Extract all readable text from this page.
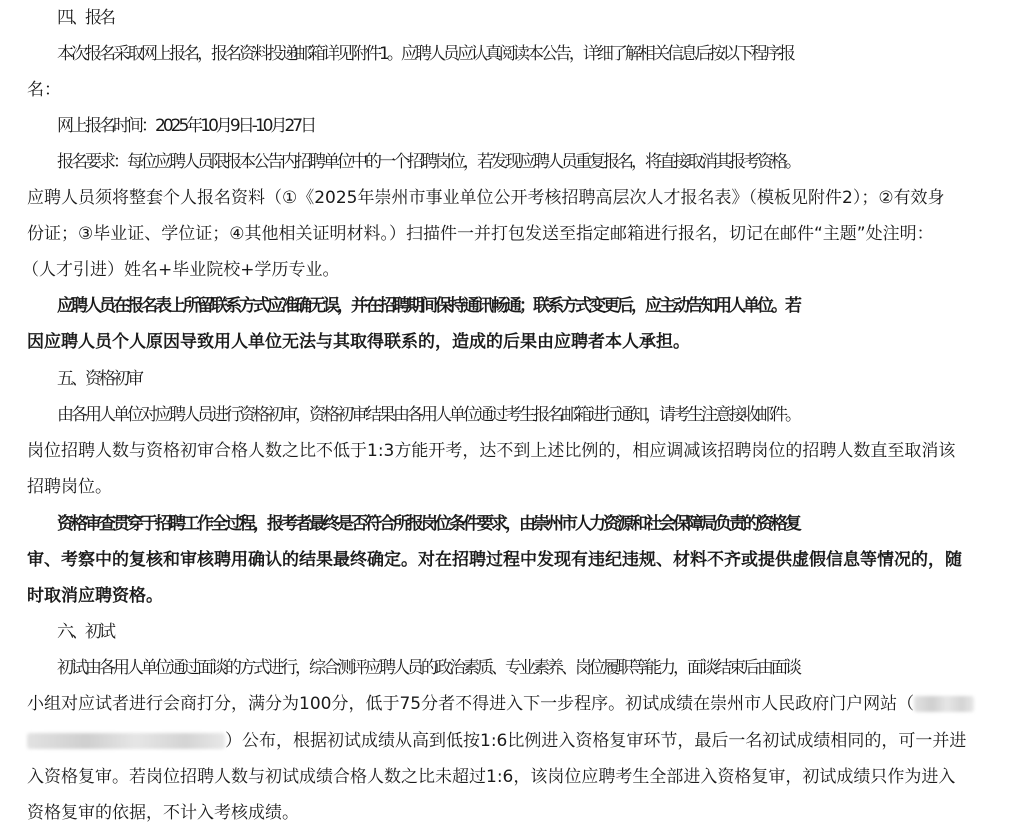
四、报名
本次报名采取网上报名，报名资料投递邮箱详见附件1。应聘人员应认真阅读本公告，详细了解相关信息后按以下程序报
名：
网上报名时间：2025年10月9日-10月27日
报名要求：每位应聘人员限报本公告内招聘单位中的一个招聘岗位，若发现应聘人员重复报名，将直接取消其报考资格。
应聘人员须将整套个人报名资料（①《2025年崇州市事业单位公开考核招聘高层次人才报名表》（模板见附件2）；②有效身
份证；③毕业证、学位证；④其他相关证明材料。）扫描件一并打包发送至指定邮箱进行报名，切记在邮件“主题”处注明：
（人才引进）姓名+毕业院校+学历专业。
应聘人员在报名表上所留联系方式应准确无误，并在招聘期间保持通讯畅通；联系方式变更后，应主动告知用人单位。若
因应聘人员个人原因导致用人单位无法与其取得联系的，造成的后果由应聘者本人承担。
五、资格初审
由各用人单位对应聘人员进行资格初审，资格初审结果由各用人单位通过考生报名邮箱进行通知，请考生注意接收邮件。
岗位招聘人数与资格初审合格人数之比不低于1:3方能开考，达不到上述比例的，相应调减该招聘岗位的招聘人数直至取消该
招聘岗位。
资格审查贯穿于招聘工作全过程，报考者最终是否符合所报岗位条件要求，由崇州市人力资源和社会保障局负责的资格复
审、考察中的复核和审核聘用确认的结果最终确定。对在招聘过程中发现有违纪违规、材料不齐或提供虚假信息等情况的，随
时取消应聘资格。
六、初试
初试由各用人单位通过面谈的方式进行，综合测评应聘人员的政治素质、专业素养、岗位履职等能力，面谈结束后由面谈
小组对应试者进行会商打分，满分为100分，低于75分者不得进入下一步程序。初试成绩在崇州市人民政府门户网站（
）公布，根据初试成绩从高到低按1:6比例进入资格复审环节，最后一名初试成绩相同的，可一并进
入资格复审。若岗位招聘人数与初试成绩合格人数之比未超过1:6，该岗位应聘考生全部进入资格复审，初试成绩只作为进入
资格复审的依据，不计入考核成绩。
